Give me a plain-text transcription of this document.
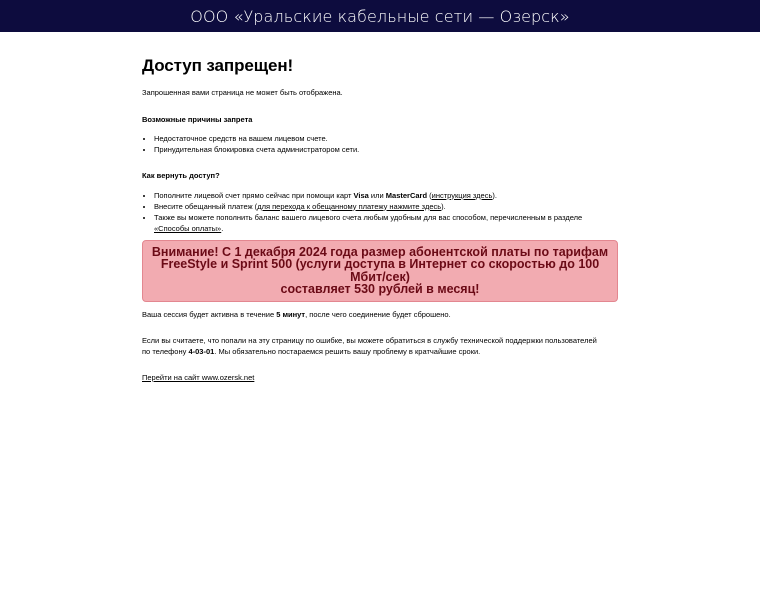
ООО «Уральские кабельные сети — Озерск»
Доступ запрещен!

Запрошенная вами страница не может быть отображена.

Возможные причины запрета

• Недостаточное средств на вашем лицевом счете.
• Принудительная блокировка счета администратором сети.

Как вернуть доступ?

• Пополните лицевой счет прямо сейчас при помощи карт Visa или MasterCard (инструкция здесь).
• Внесите обещанный платеж (для перехода к обещанному платежу нажмите здесь).
• Также вы можете пополнить баланс вашего лицевого счета любым удобным для вас способом, перечисленным в разделе «Способы оплаты».
Внимание! С 1 декабря 2024 года размер абонентской платы по тарифам
FreeStyle и Sprint 500 (услуги доступа в Интернет со скоростью до 100 Мбит/сек)
составляет 530 рублей в месяц!

Ваша сессия будет активна в течение 5 минут, после чего соединение будет сброшено.

Если вы считаете, что попали на эту страницу по ошибке, вы можете обратиться в службу технической поддержки пользователей
по телефону 4-03-01. Мы обязательно постараемся решить вашу проблему в кратчайшие сроки.

Перейти на сайт www.ozersk.net
